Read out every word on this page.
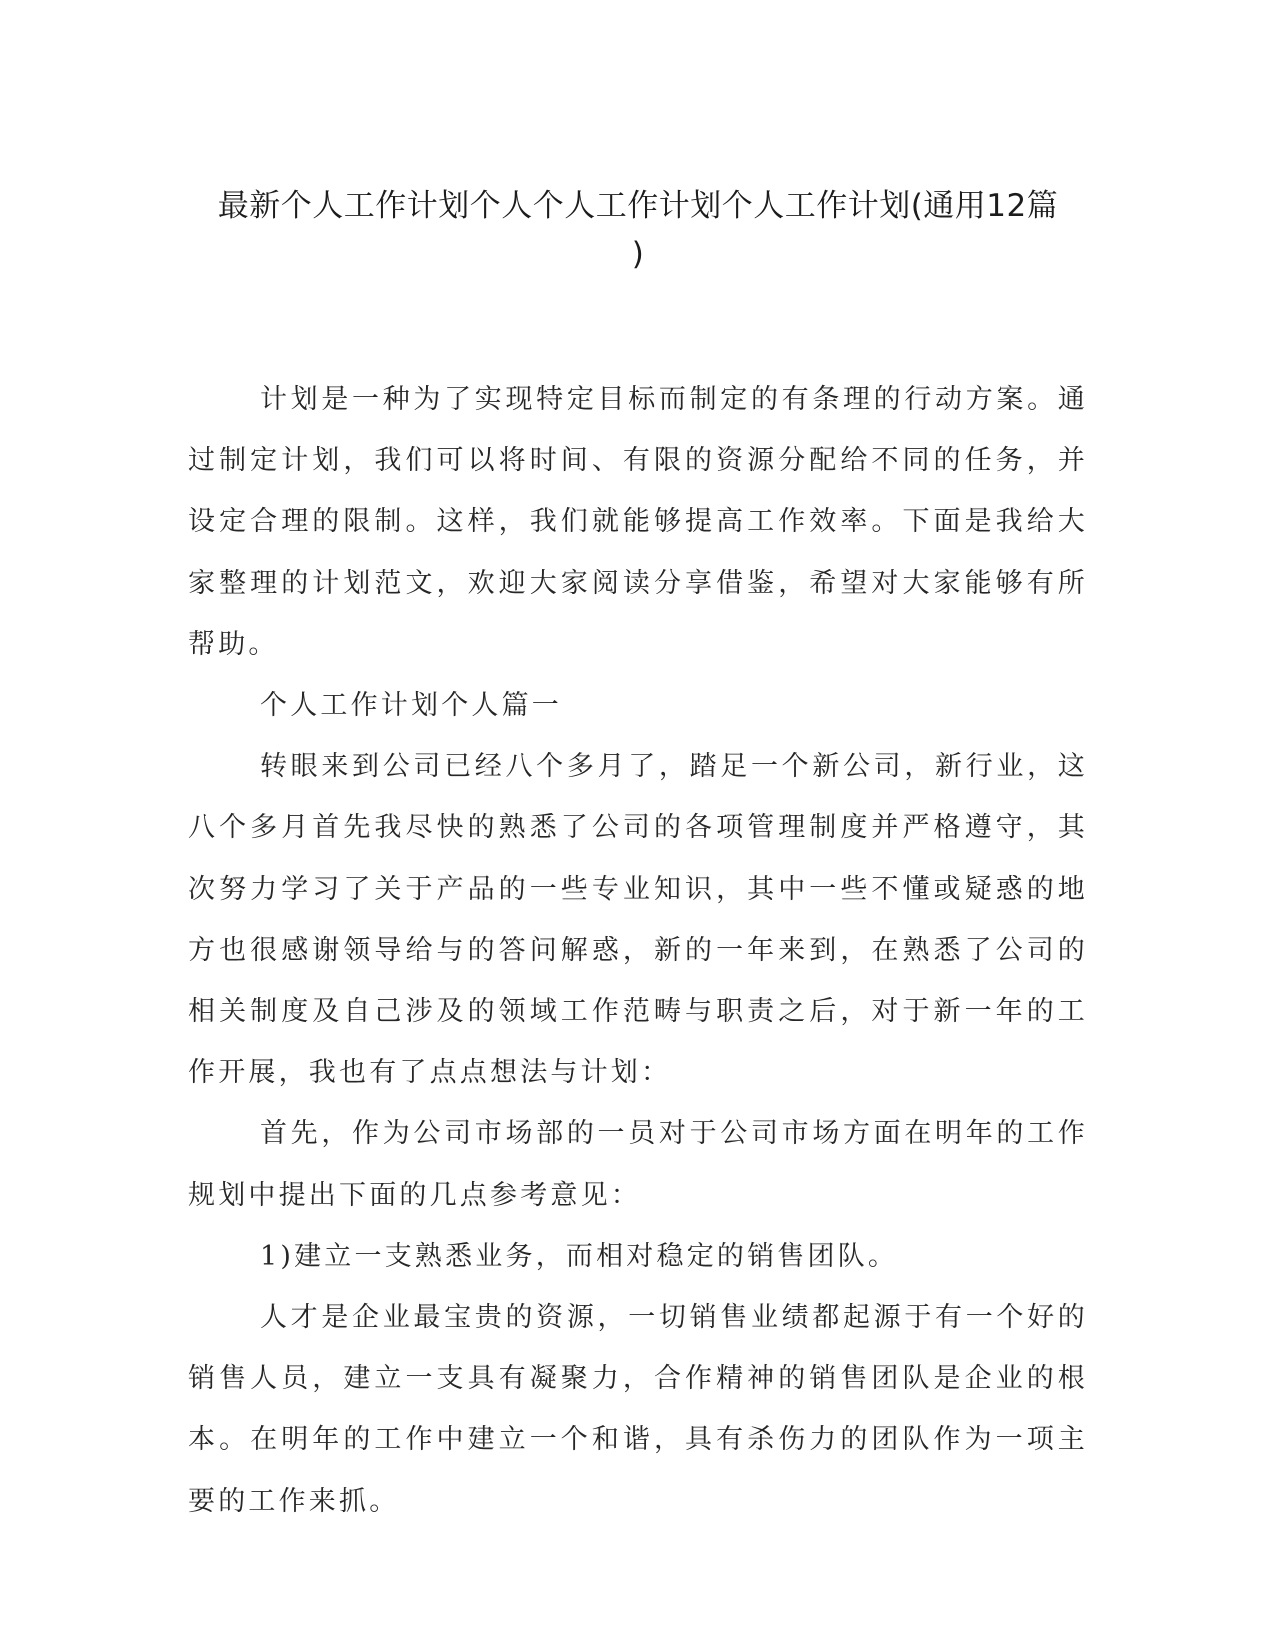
最新个人工作计划个人个人工作计划个人工作计划(通用12篇
)

计划是一种为了实现特定目标而制定的有条理的行动方案。通过制定计划，我们可以将时间、有限的资源分配给不同的任务，并设定合理的限制。这样，我们就能够提高工作效率。下面是我给大家整理的计划范文，欢迎大家阅读分享借鉴，希望对大家能够有所帮助。

个人工作计划个人篇一

转眼来到公司已经八个多月了，踏足一个新公司，新行业，这八个多月首先我尽快的熟悉了公司的各项管理制度并严格遵守，其次努力学习了关于产品的一些专业知识，其中一些不懂或疑惑的地方也很感谢领导给与的答问解惑，新的一年来到，在熟悉了公司的相关制度及自己涉及的领域工作范畴与职责之后，对于新一年的工作开展，我也有了点点想法与计划：

首先，作为公司市场部的一员对于公司市场方面在明年的工作规划中提出下面的几点参考意见：

1)建立一支熟悉业务，而相对稳定的销售团队。

人才是企业最宝贵的资源，一切销售业绩都起源于有一个好的销售人员，建立一支具有凝聚力，合作精神的销售团队是企业的根本。在明年的工作中建立一个和谐，具有杀伤力的团队作为一项主要的工作来抓。
